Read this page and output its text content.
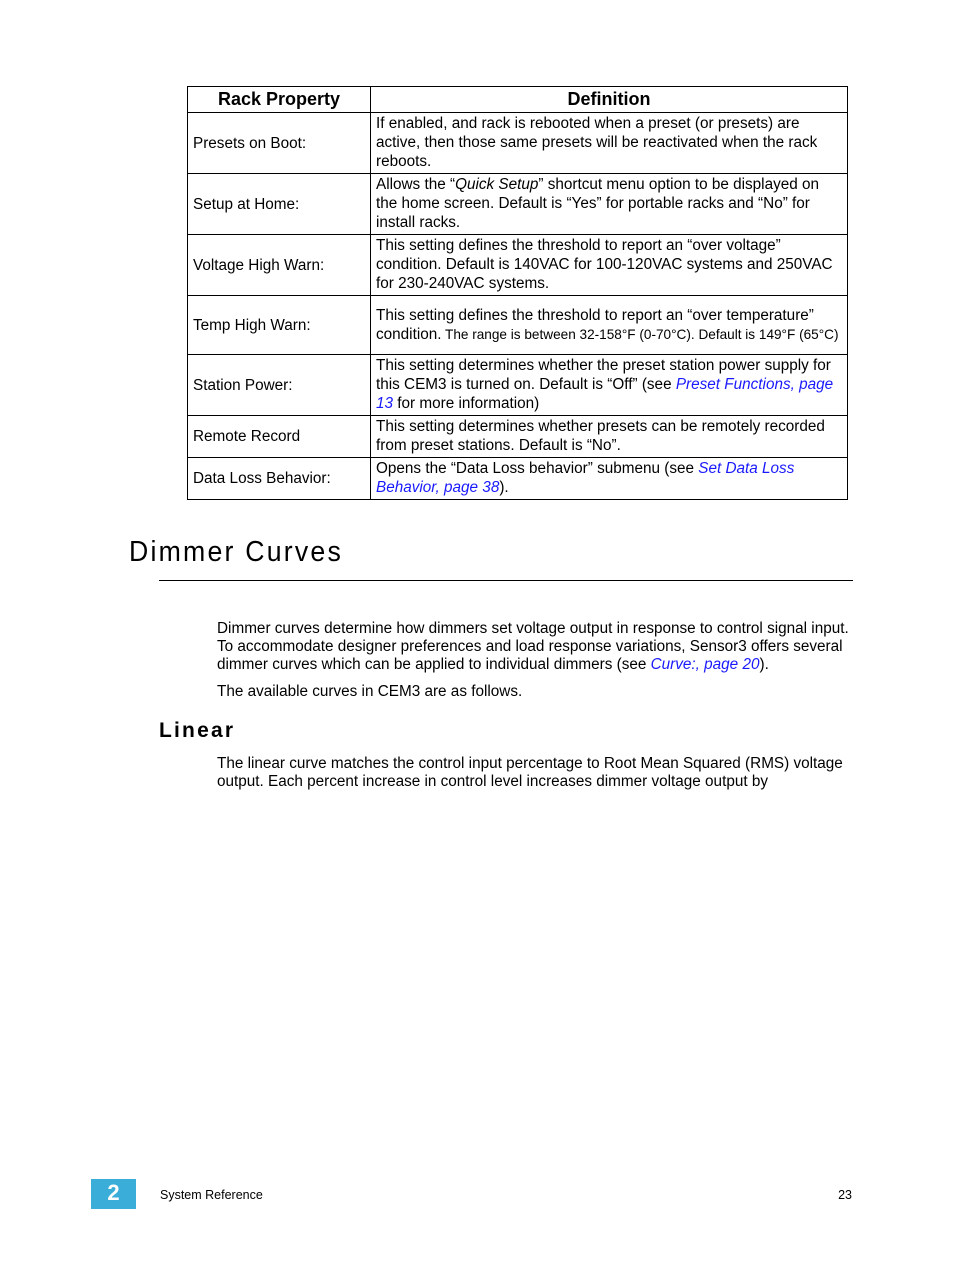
Rack Property	Definition
Presets on Boot:	If enabled, and rack is rebooted when a preset (or presets) are active, then those same presets will be reactivated when the rack reboots.
Setup at Home:	Allows the “Quick Setup” shortcut menu option to be displayed on the home screen. Default is “Yes” for portable racks and “No” for install racks.
Voltage High Warn:	This setting defines the threshold to report an “over voltage” condition. Default is 140VAC for 100-120VAC systems and 250VAC for 230-240VAC systems.
Temp High Warn:	This setting defines the threshold to report an “over temperature” condition. The range is between 32-158°F (0-70°C). Default is 149°F (65°C)
Station Power:	This setting determines whether the preset station power supply for this CEM3 is turned on. Default is “Off” (see Preset Functions, page 13 for more information)
Remote Record	This setting determines whether presets can be remotely recorded from preset stations. Default is “No”.
Data Loss Behavior:	Opens the “Data Loss behavior” submenu (see Set Data Loss Behavior, page 38).
Dimmer Curves

Dimmer curves determine how dimmers set voltage output in response to control signal input. To accommodate designer preferences and load response variations, Sensor3 offers several dimmer curves which can be applied to individual dimmers (see Curve:, page 20).

The available curves in CEM3 are as follows.

Linear

The linear curve matches the control input percentage to Root Mean Squared (RMS) voltage output. Each percent increase in control level increases dimmer voltage output by

2	System Reference	23
